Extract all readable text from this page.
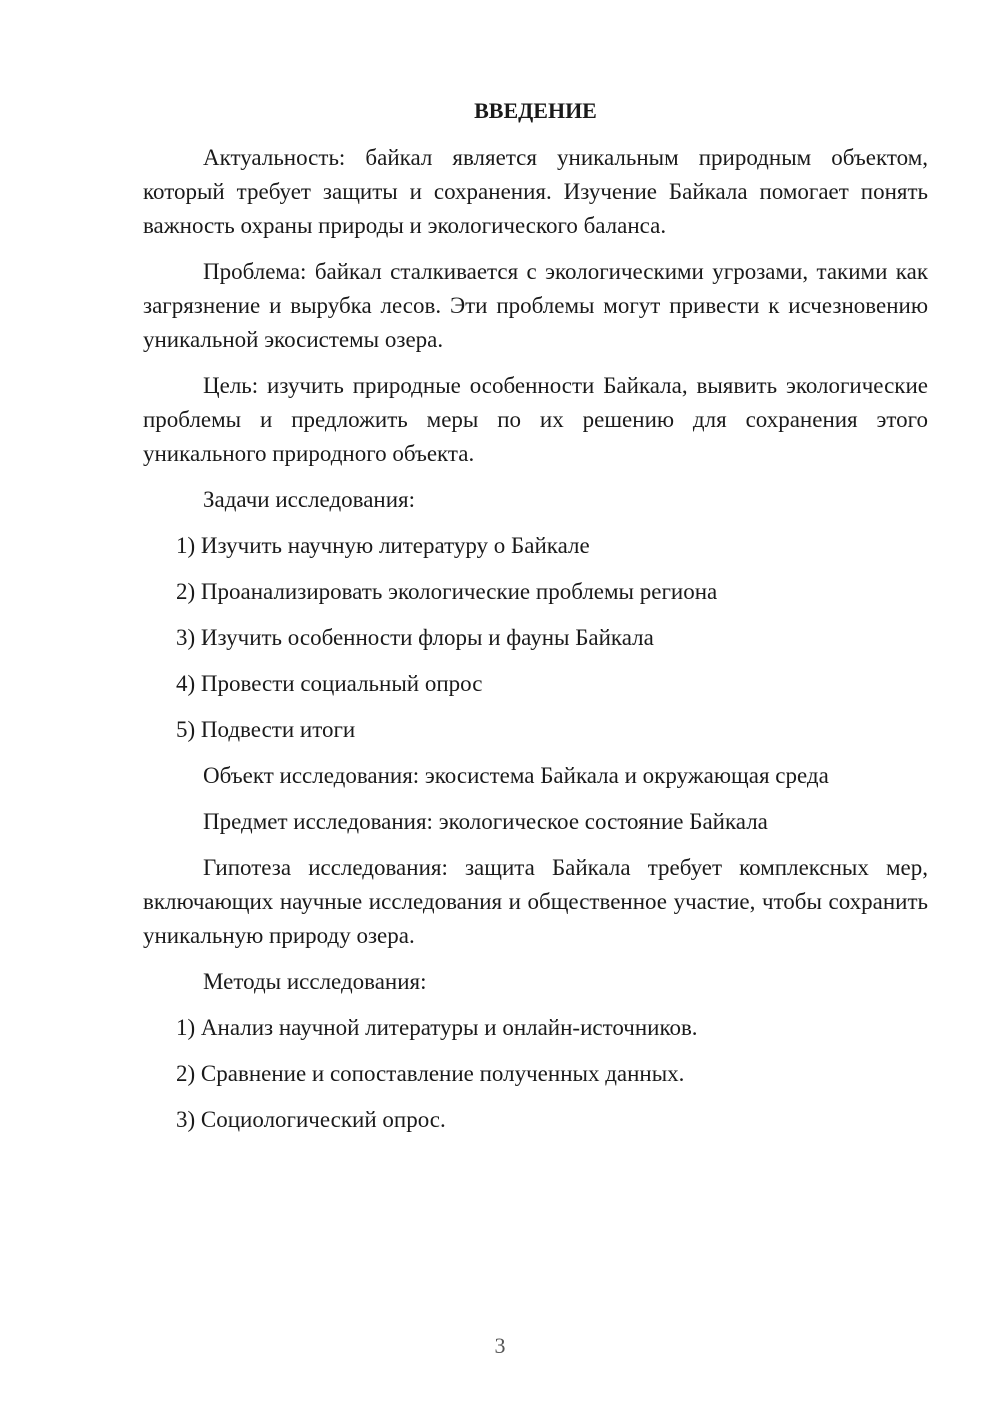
ВВЕДЕНИЕ

Актуальность: байкал является уникальным природным объектом, который требует защиты и сохранения. Изучение Байкала помогает понять важность охраны природы и экологического баланса.

Проблема: байкал сталкивается с экологическими угрозами, такими как загрязнение и вырубка лесов. Эти проблемы могут привести к исчезновению уникальной экосистемы озера.

Цель: изучить природные особенности Байкала, выявить экологические проблемы и предложить меры по их решению для сохранения этого уникального природного объекта.

Задачи исследования:
1) Изучить научную литературу о Байкале
2) Проанализировать экологические проблемы региона
3) Изучить особенности флоры и фауны Байкала
4) Провести социальный опрос
5) Подвести итоги
Объект исследования: экосистема Байкала и окружающая среда
Предмет исследования: экологическое состояние Байкала

Гипотеза исследования: защита Байкала требует комплексных мер, включающих научные исследования и общественное участие, чтобы сохранить уникальную природу озера.

Методы исследования:
1) Анализ научной литературы и онлайн-источников.
2) Сравнение и сопоставление полученных данных.
3) Социологический опрос.
3
